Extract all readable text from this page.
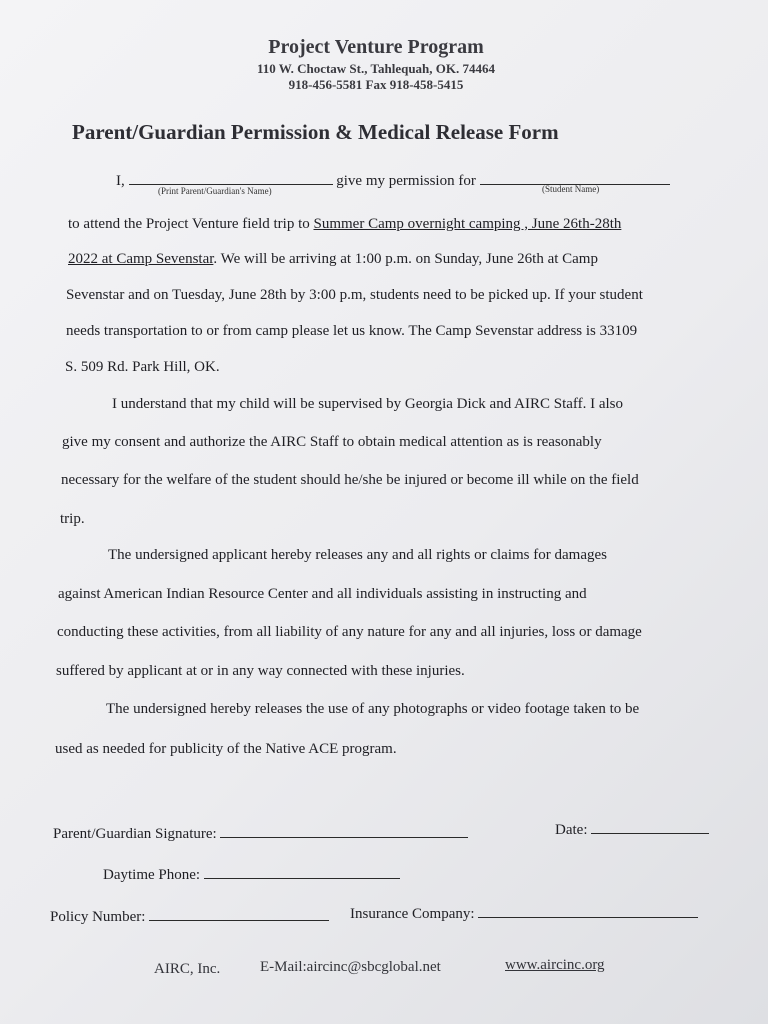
Project Venture Program
110 W. Choctaw St., Tahlequah, OK. 74464
918-456-5581 Fax 918-458-5415
Parent/Guardian Permission & Medical Release Form
I,	give my permission for
(Print Parent/Guardian's Name)	(Student Name)
to attend the Project Venture field trip to Summer Camp overnight camping , June 26th-28th
2022 at Camp Sevenstar. We will be arriving at 1:00 p.m. on Sunday, June 26th at Camp
Sevenstar and on Tuesday, June 28th by 3:00 p.m, students need to be picked up. If your student
needs transportation to or from camp please let us know. The Camp Sevenstar address is 33109
S. 509 Rd. Park Hill, OK.
I understand that my child will be supervised by Georgia Dick and AIRC Staff. I also
give my consent and authorize the AIRC Staff to obtain medical attention as is reasonably
necessary for the welfare of the student should he/she be injured or become ill while on the field
trip.
The undersigned applicant hereby releases any and all rights or claims for damages
against American Indian Resource Center and all individuals assisting in instructing and
conducting these activities, from all liability of any nature for any and all injuries, loss or damage
suffered by applicant at or in any way connected with these injuries.
The undersigned hereby releases the use of any photographs or video footage taken to be
used as needed for publicity of the Native ACE program.
Parent/Guardian Signature:	Date:
Daytime Phone:
Policy Number:	Insurance Company:
AIRC, Inc.	E-Mail:aircinc@sbcglobal.net	www.aircinc.org
